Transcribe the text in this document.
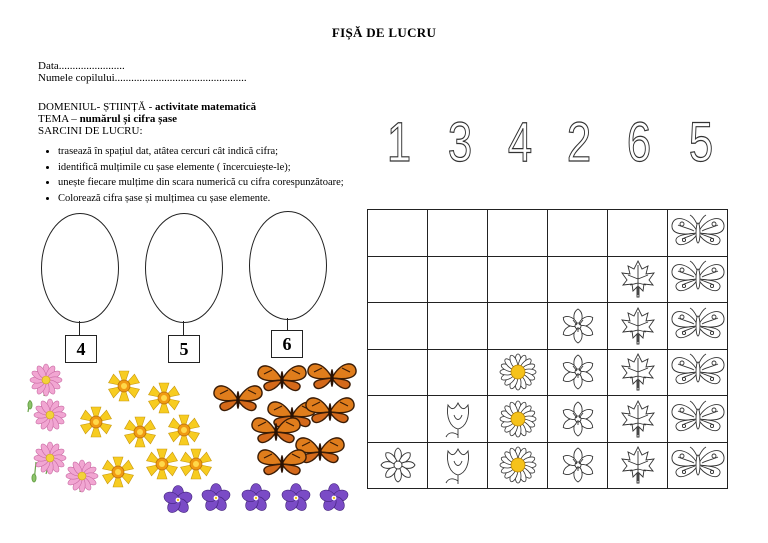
FIȘĂ DE LUCRU
Data........................
Numele copilului................................................
DOMENIUL- ȘTIINȚĂ - activitate matematică
TEMA – numărul și cifra șase
SARCINI DE LUCRU:
• trasează în spațiul dat, atâtea cercuri cât indică cifra;
• identifică mulțimile cu șase elemente ( încercuiește-le);
• unește fiecare mulțime din scara numerică cu cifra corespunzătoare;
• Colorează cifra șase și mulțimea cu șase elemente.
1 3 4 2 6 5
4	5	6
